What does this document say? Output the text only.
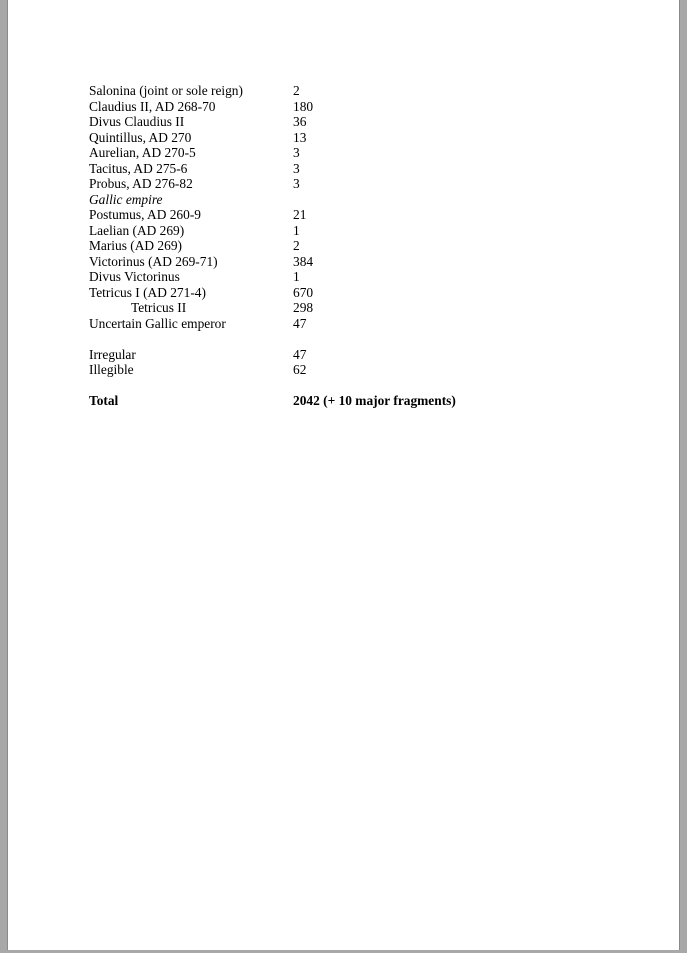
Salonina (joint or sole reign)	2
Claudius II, AD 268-70	180
Divus Claudius II	36
Quintillus, AD 270	13
Aurelian, AD 270-5	3
Tacitus, AD 275-6	3
Probus, AD 276-82	3
Gallic empire
Postumus, AD 260-9	21
Laelian (AD 269)	1
Marius (AD 269)	2
Victorinus (AD 269-71)	384
Divus Victorinus	1
Tetricus I (AD 271-4)	670
Tetricus II	298
Uncertain Gallic emperor	47
Irregular	47
Illegible	62
Total	2042 (+ 10 major fragments)
